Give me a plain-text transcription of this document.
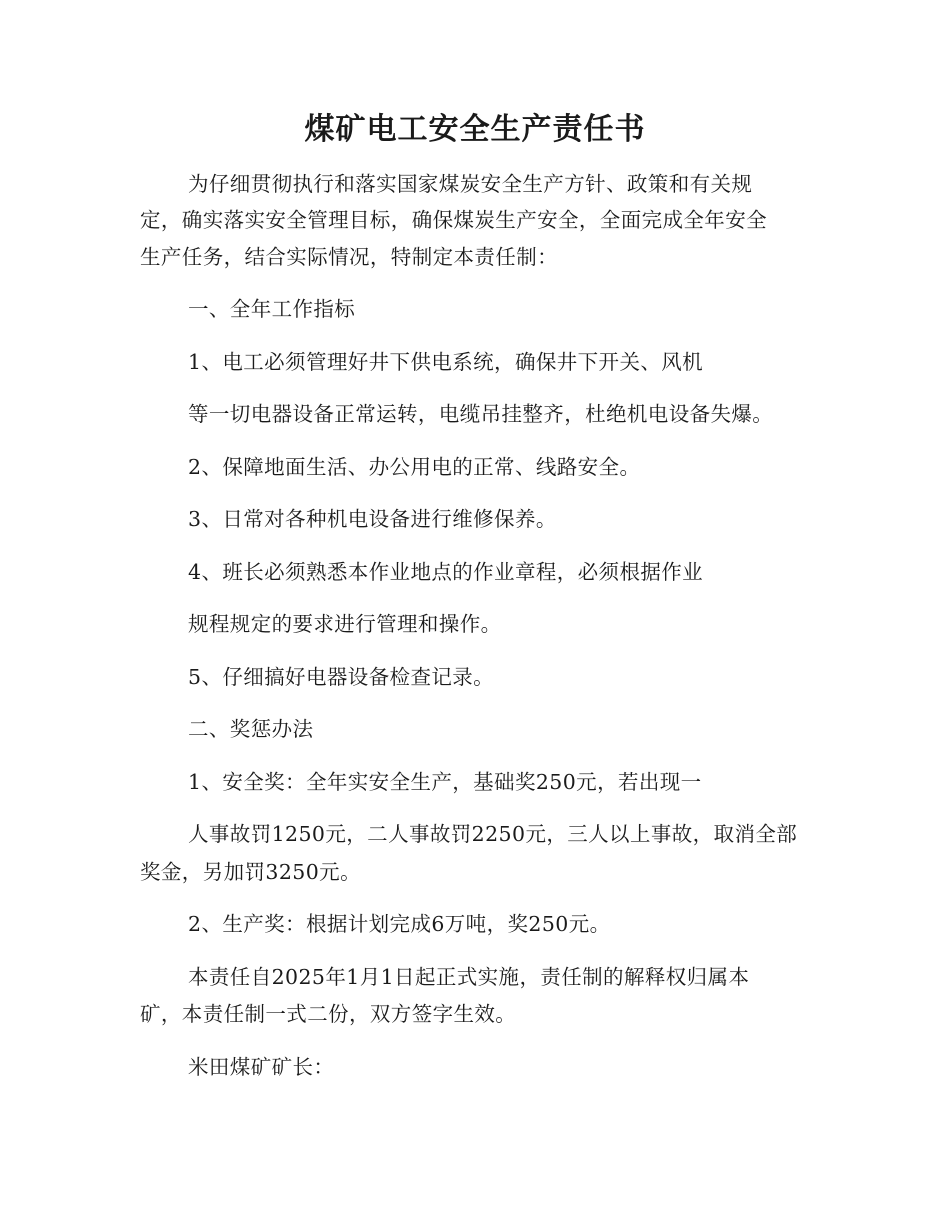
煤矿电工安全生产责任书
为仔细贯彻执行和落实国家煤炭安全生产方针、政策和有关规
定，确实落实安全管理目标，确保煤炭生产安全，全面完成全年安全
生产任务，结合实际情况，特制定本责任制：
一、全年工作指标
1、电工必须管理好井下供电系统，确保井下开关、风机
等一切电器设备正常运转，电缆吊挂整齐，杜绝机电设备失爆。
2、保障地面生活、办公用电的正常、线路安全。
3、日常对各种机电设备进行维修保养。
4、班长必须熟悉本作业地点的作业章程，必须根据作业
规程规定的要求进行管理和操作。
5、仔细搞好电器设备检查记录。
二、奖惩办法
1、安全奖：全年实安全生产，基础奖250元，若出现一
人事故罚1250元，二人事故罚2250元，三人以上事故，取消全部
奖金，另加罚3250元。
2、生产奖：根据计划完成6万吨，奖250元。
本责任自2025年1月1日起正式实施，责任制的解释权归属本
矿，本责任制一式二份，双方签字生效。
米田煤矿矿长：
